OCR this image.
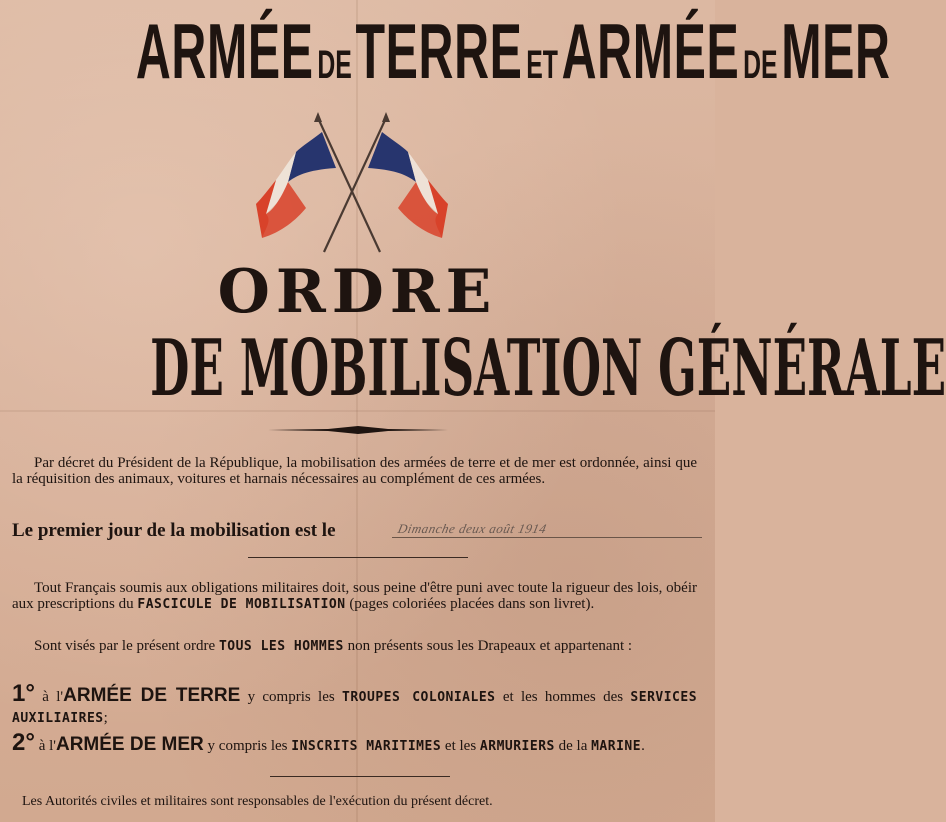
ARMÉEDETERREETARMÉEDEMER
ORDRE
DE MOBILISATION GÉNÉRALE
Par décret du Président de la République, la mobilisation des armées de terre et de mer est ordonnée, ainsi que la réquisition des animaux, voitures et harnais nécessaires au complément de ces armées.
Le premier jour de la mobilisation est le	Dimanche deux août 1914
Tout Français soumis aux obligations militaires doit, sous peine d'être puni avec toute la rigueur des lois, obéir aux prescriptions du FASCICULE DE MOBILISATION (pages coloriées placées dans son livret).
Sont visés par le présent ordre TOUS LES HOMMES non présents sous les Drapeaux et appartenant :
1° à l'ARMÉE DE TERRE y compris les TROUPES COLONIALES et les hommes des SERVICES AUXILIAIRES;
2° à l'ARMÉE DE MER y compris les INSCRITS MARITIMES et les ARMURIERS de la MARINE.
Les Autorités civiles et militaires sont responsables de l'exécution du présent décret.
